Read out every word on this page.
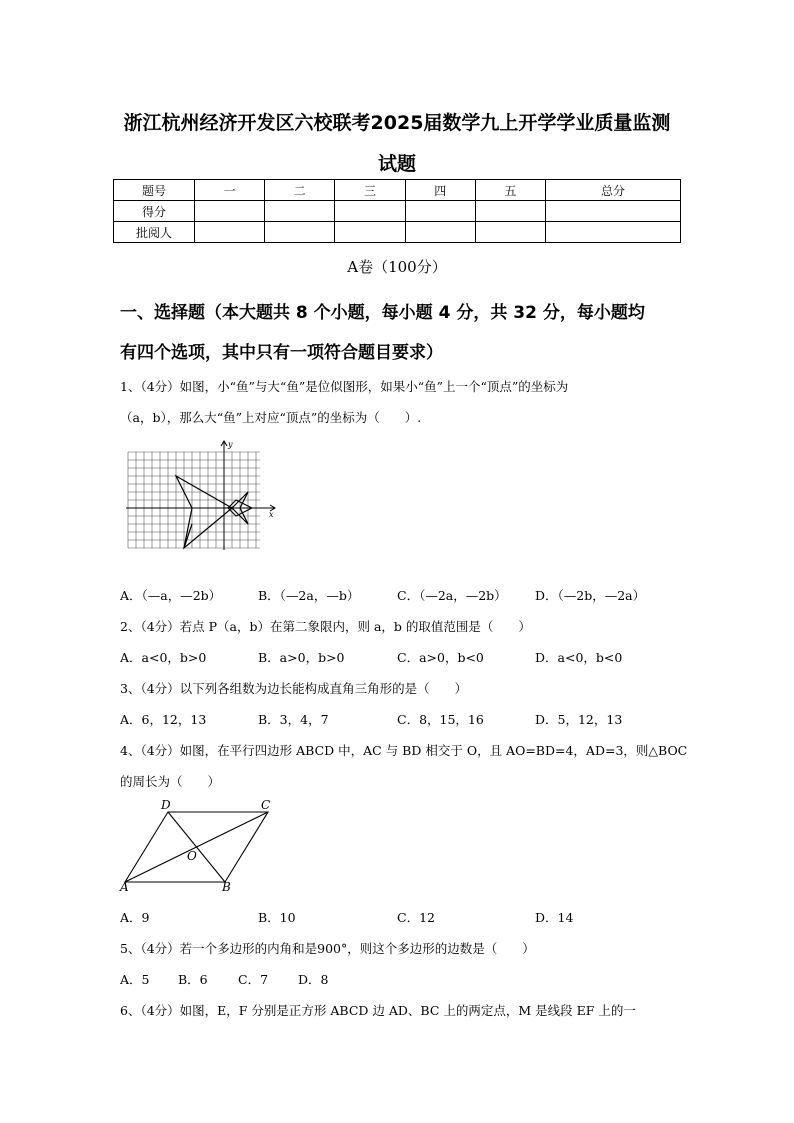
浙江杭州经济开发区六校联考2025届数学九上开学学业质量监测
试题
题号	一	二	三	四	五	总分
得分						
批阅人						
A卷（100分）
一、选择题（本大题共 8 个小题，每小题 4 分，共 32 分，每小题均
有四个选项，其中只有一项符合题目要求）
1、（4分）如图，小“鱼”与大“鱼”是位似图形，如果小“鱼”上一个“顶点”的坐标为
（a，b），那么大“鱼”上对应“顶点”的坐标为（　　）.
y
x
A．（—a，—2b）	B．（—2a，—b）	C．（—2a，—2b） D．（—2b，—2a）
2、（4分）若点 P（a，b）在第二象限内，则 a，b 的取值范围是（　　）
A．a<0，b>0	B．a>0，b>0	C．a>0，b<0	D．a<0，b<0
3、（4分）以下列各组数为边长能构成直角三角形的是（　　）
A．6，12，13	B．3，4，7	C．8，15，16	D．5，12，13
4、（4分）如图，在平行四边形 ABCD 中，AC 与 BD 相交于 O，且 AO=BD=4，AD=3，则△BOC
的周长为（　　）
D	C
O
A	B
A．9	B．10	C．12	D．14
5、（4分）若一个多边形的内角和是900°，则这个多边形的边数是（　　）
A．5 B．6 C．7 D．8
6、（4分）如图，E，F 分别是正方形 ABCD 边 AD、BC 上的两定点，M 是线段 EF 上的一
